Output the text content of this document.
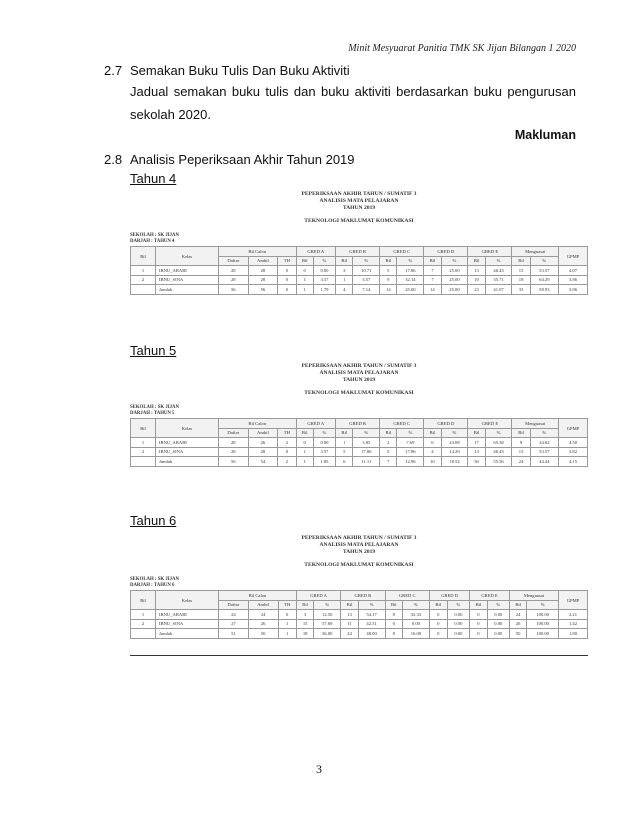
Minit Mesyuarat Panitia TMK SK Jijan Bilangan 1 2020
2.7 Semakan Buku Tulis Dan Buku Aktiviti
Jadual semakan buku tulis dan buku aktiviti berdasarkan buku pengurusan sekolah 2020.
Makluman
2.8 Analisis Peperiksaan Akhir Tahun 2019
Tahun 4
PEPERIKSAAN AKHIR TAHUN / SUMATIF 3
ANALISIS MATA PELAJARAN
TAHUN 2019
TEKNOLOGI MAKLUMAT KOMUNIKASI
SEKOLAH : SK JIJAN
DARJAH : TAHUN 4
Bil	Kelas	Bil Calon			GRED A		GRED B		GRED C		GRED D		GRED E		Menguasai		GPMP
		Daftar	Ambil	TH	Bil	%	Bil	%	Bil	%	Bil	%	Bil	%	Bil	%	
1	IBNU_ARABI	28	28	0	0	0.00	3	10.71	5	17.86	7	25.00	13	46.43	15	53.57	4.07
2	IBNU_SINA	28	28	0	1	3.57	1	3.57	9	32.14	7	25.00	10	35.71	18	64.29	3.86
	Jumlah	56	56	0	1	1.79	4	7.14	14	25.00	14	25.00	23	41.07	33	58.93	3.96
Tahun 5
PEPERIKSAAN AKHIR TAHUN / SUMATIF 3
ANALISIS MATA PELAJARAN
TAHUN 2019
TEKNOLOGI MAKLUMAT KOMUNIKASI
SEKOLAH : SK JIJAN
DARJAH : TAHUN 5
Bil	Kelas	Bil Calon			GRED A		GRED B		GRED C		GRED D		GRED E		Menguasai		GPMP
		Daftar	Ambil	TH	Bil	%	Bil	%	Bil	%	Bil	%	Bil	%	Bil	%	
1	IBNU_ARABI	28	26	2	0	0.00	1	3.85	2	7.69	6	23.08	17	65.38	9	34.62	4.50
2	IBNU_SINA	28	28	0	1	3.57	5	17.86	5	17.86	4	14.29	13	46.43	15	53.57	3.82
	Jumlah	56	54	2	1	1.85	6	11.11	7	12.96	10	18.52	30	55.56	24	44.44	4.15
Tahun 6
PEPERIKSAAN AKHIR TAHUN / SUMATIF 3
ANALISIS MATA PELAJARAN
TAHUN 2019
TEKNOLOGI MAKLUMAT KOMUNIKASI
SEKOLAH : SK JIJAN
DARJAH : TAHUN 6
Bil	Kelas	Bil Calon			GRED A		GRED B		GRED C		GRED D		GRED E		Menguasai		GPMP
		Daftar	Ambil	TH	Bil	%	Bil	%	Bil	%	Bil	%	Bil	%	Bil	%	
1	IBNU_ARABI	24	24	0	3	12.50	13	54.17	8	33.33	0	0.00	0	0.00	24	100.00	2.21
2	IBNU_SINA	27	26	1	15	57.69	11	42.31	0	0.00	0	0.00	0	0.00	26	100.00	1.42
	Jumlah	51	50	1	18	36.00	24	48.00	8	16.00	0	0.00	0	0.00	50	100.00	1.80
3
